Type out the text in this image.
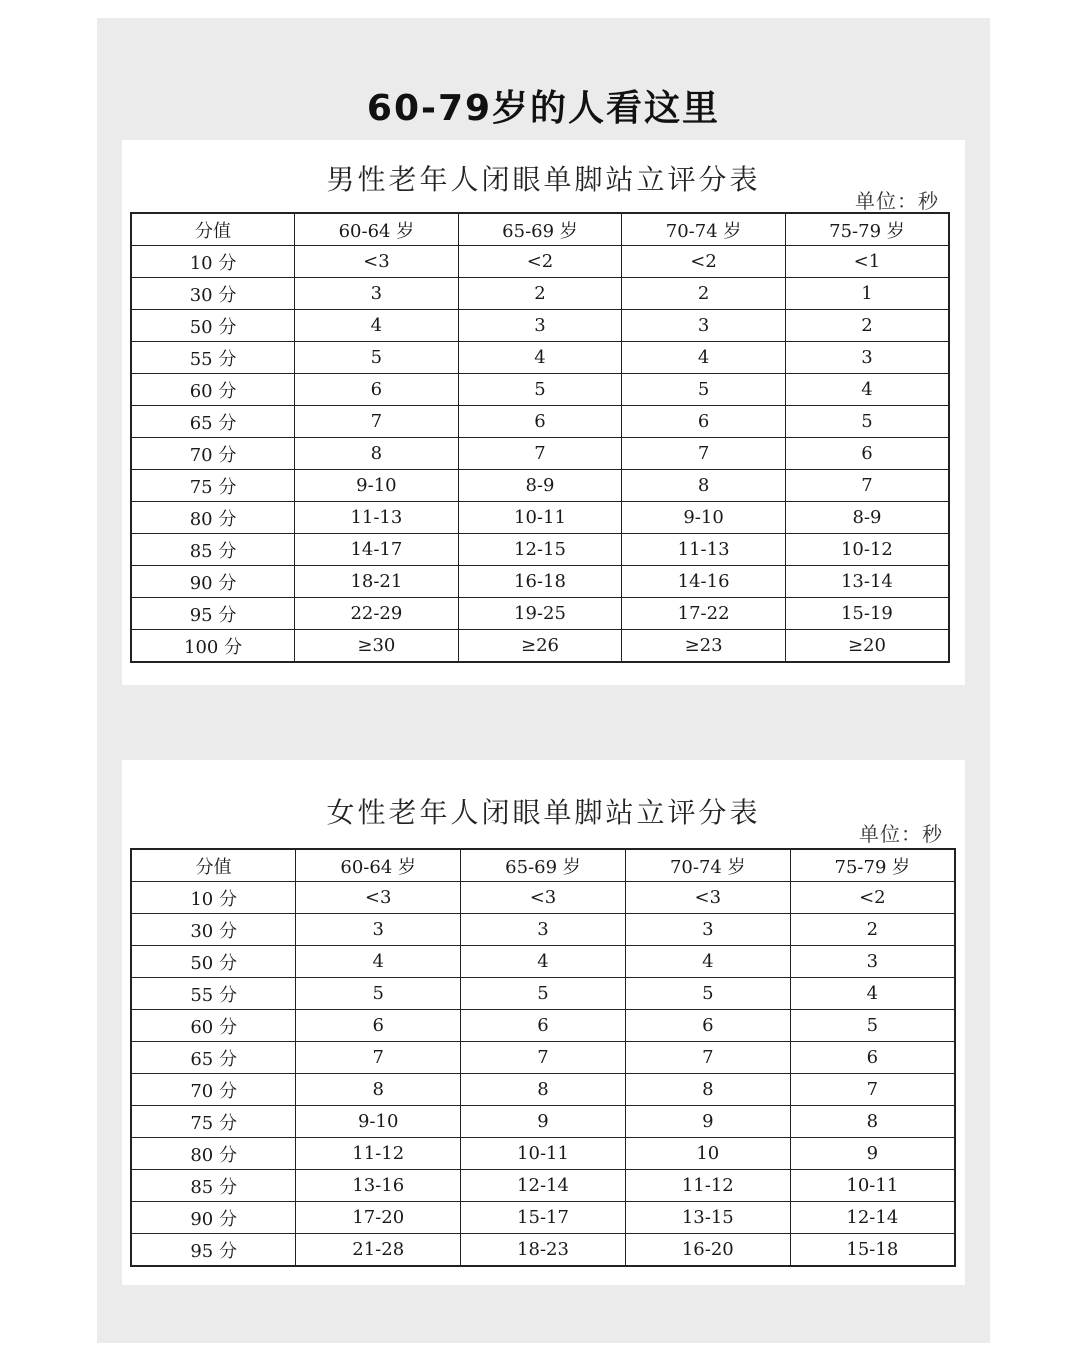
60-79岁的人看这里
男性老年人闭眼单脚站立评分表
单位：秒
分值	60-64 岁	65-69 岁	70-74 岁	75-79 岁
10 分	<3	<2	<2	<1
30 分	3	2	2	1
50 分	4	3	3	2
55 分	5	4	4	3
60 分	6	5	5	4
65 分	7	6	6	5
70 分	8	7	7	6
75 分	9-10	8-9	8	7
80 分	11-13	10-11	9-10	8-9
85 分	14-17	12-15	11-13	10-12
90 分	18-21	16-18	14-16	13-14
95 分	22-29	19-25	17-22	15-19
100 分	≥30	≥26	≥23	≥20
女性老年人闭眼单脚站立评分表
单位：秒
分值	60-64 岁	65-69 岁	70-74 岁	75-79 岁
10 分	<3	<3	<3	<2
30 分	3	3	3	2
50 分	4	4	4	3
55 分	5	5	5	4
60 分	6	6	6	5
65 分	7	7	7	6
70 分	8	8	8	7
75 分	9-10	9	9	8
80 分	11-12	10-11	10	9
85 分	13-16	12-14	11-12	10-11
90 分	17-20	15-17	13-15	12-14
95 分	21-28	18-23	16-20	15-18
